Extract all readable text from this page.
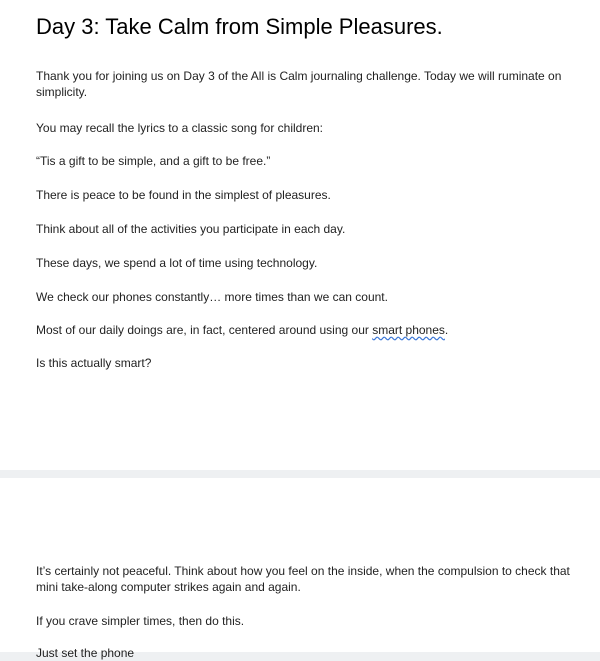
Day 3: Take Calm from Simple Pleasures.

Thank you for joining us on Day 3 of the All is Calm journaling challenge. Today we will ruminate on simplicity.

You may recall the lyrics to a classic song for children:

“Tis a gift to be simple, and a gift to be free.”

There is peace to be found in the simplest of pleasures.

Think about all of the activities you participate in each day.

These days, we spend a lot of time using technology.

We check our phones constantly… more times than we can count.

Most of our daily doings are, in fact, centered around using our smart phones.

Is this actually smart?

It’s certainly not peaceful. Think about how you feel on the inside, when the compulsion to check that mini take-along computer strikes again and again.

If you crave simpler times, then do this.

Just set the phone
